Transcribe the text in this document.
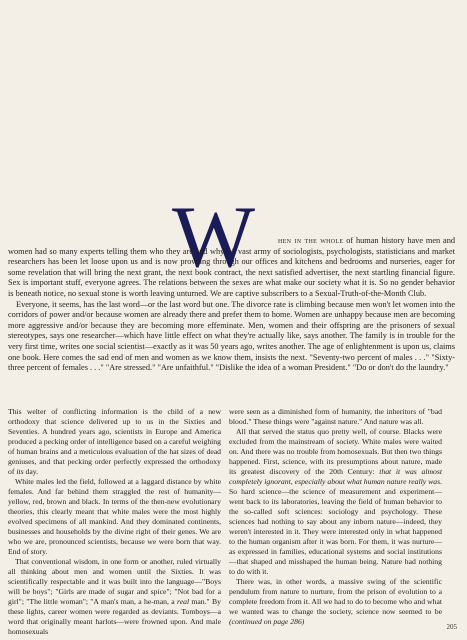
W	hen in the whole of human history have men and women had so many experts telling them who they are and why? A vast army of sociologists, psychologists, statisticians and market researchers has been let loose upon us and is now prowling through our offices and kitchens and bedrooms and nurseries, eager for some revelation that will bring the next grant, the next book contract, the next satisfied advertiser, the next startling financial figure. Sex is important stuff, everyone agrees. The relations between the sexes are what make our society what it is. So no gender behavior is beneath notice, no sexual stone is worth leaving unturned. We are captive subscribers to a Sexual-Truth-of-the-Month Club.

Everyone, it seems, has the last word—or the last word but one. The divorce rate is climbing because men won't let women into the corridors of power and/or because women are already there and prefer them to home. Women are unhappy because men are becoming more aggressive and/or because they are becoming more effeminate. Men, women and their offspring are the prisoners of sexual stereotypes, says one researcher—which have little effect on what they're actually like, says another. The family is in trouble for the very first time, writes one social scientist—exactly as it was 50 years ago, writes another. The age of enlightenment is upon us, claims one book. Here comes the sad end of men and women as we know them, insists the next. "Seventy-two percent of males . . ." "Sixty-three percent of females . . ." "Are stressed." "Are unfaithful." "Dislike the idea of a woman President." "Do or don't do the laundry."

This welter of conflicting information is the child of a new orthodoxy that science delivered up to us in the Sixties and Seventies. A hundred years ago, scientists in Europe and America produced a pecking order of intelligence based on a careful weighing of human brains and a meticulous evaluation of the hat sizes of dead geniuses, and that pecking order perfectly expressed the orthodoxy of its day.

White males led the field, followed at a laggard distance by white females. And far behind them straggled the rest of humanity—yellow, red, brown and black. In terms of the then-new evolutionary theories, this clearly meant that white males were the most highly evolved specimens of all mankind. And they dominated continents, businesses and households by the divine right of their genes. We are who we are, pronounced scientists, because we were born that way. End of story.

That conventional wisdom, in one form or another, ruled virtually all thinking about men and women until the Sixties. It was scientifically respectable and it was built into the language—"Boys will be boys"; "Girls are made of sugar and spice"; "Not bad for a girl"; "The little woman"; "A man's man, a he-man, a real man." By these lights, career women were regarded as deviants. Tomboys—a word that originally meant harlots—were frowned upon. And male homosexuals

were seen as a diminished form of humanity, the inheritors of "bad blood." These things were "against nature." And nature was all.

All that served the status quo pretty well, of course. Blacks were excluded from the mainstream of society. White males were waited on. And there was no trouble from homosexuals. But then two things happened. First, science, with its presumptions about nature, made its greatest discovery of the 20th Century: that it was almost completely ignorant, especially about what human nature really was. So hard science—the science of measurement and experiment—went back to its laboratories, leaving the field of human behavior to the so-called soft sciences: sociology and psychology. These sciences had nothing to say about any inborn nature—indeed, they weren't interested in it. They were interested only in what happened to the human organism after it was born. For them, it was nurture—as expressed in families, educational systems and social institutions—that shaped and misshaped the human being. Nature had nothing to do with it.

There was, in other words, a massive swing of the scientific pendulum from nature to nurture, from the prison of evolution to a complete freedom from it. All we had to do to become who and what we wanted was to change the society, science now seemed to be (continued on page 286)

205
